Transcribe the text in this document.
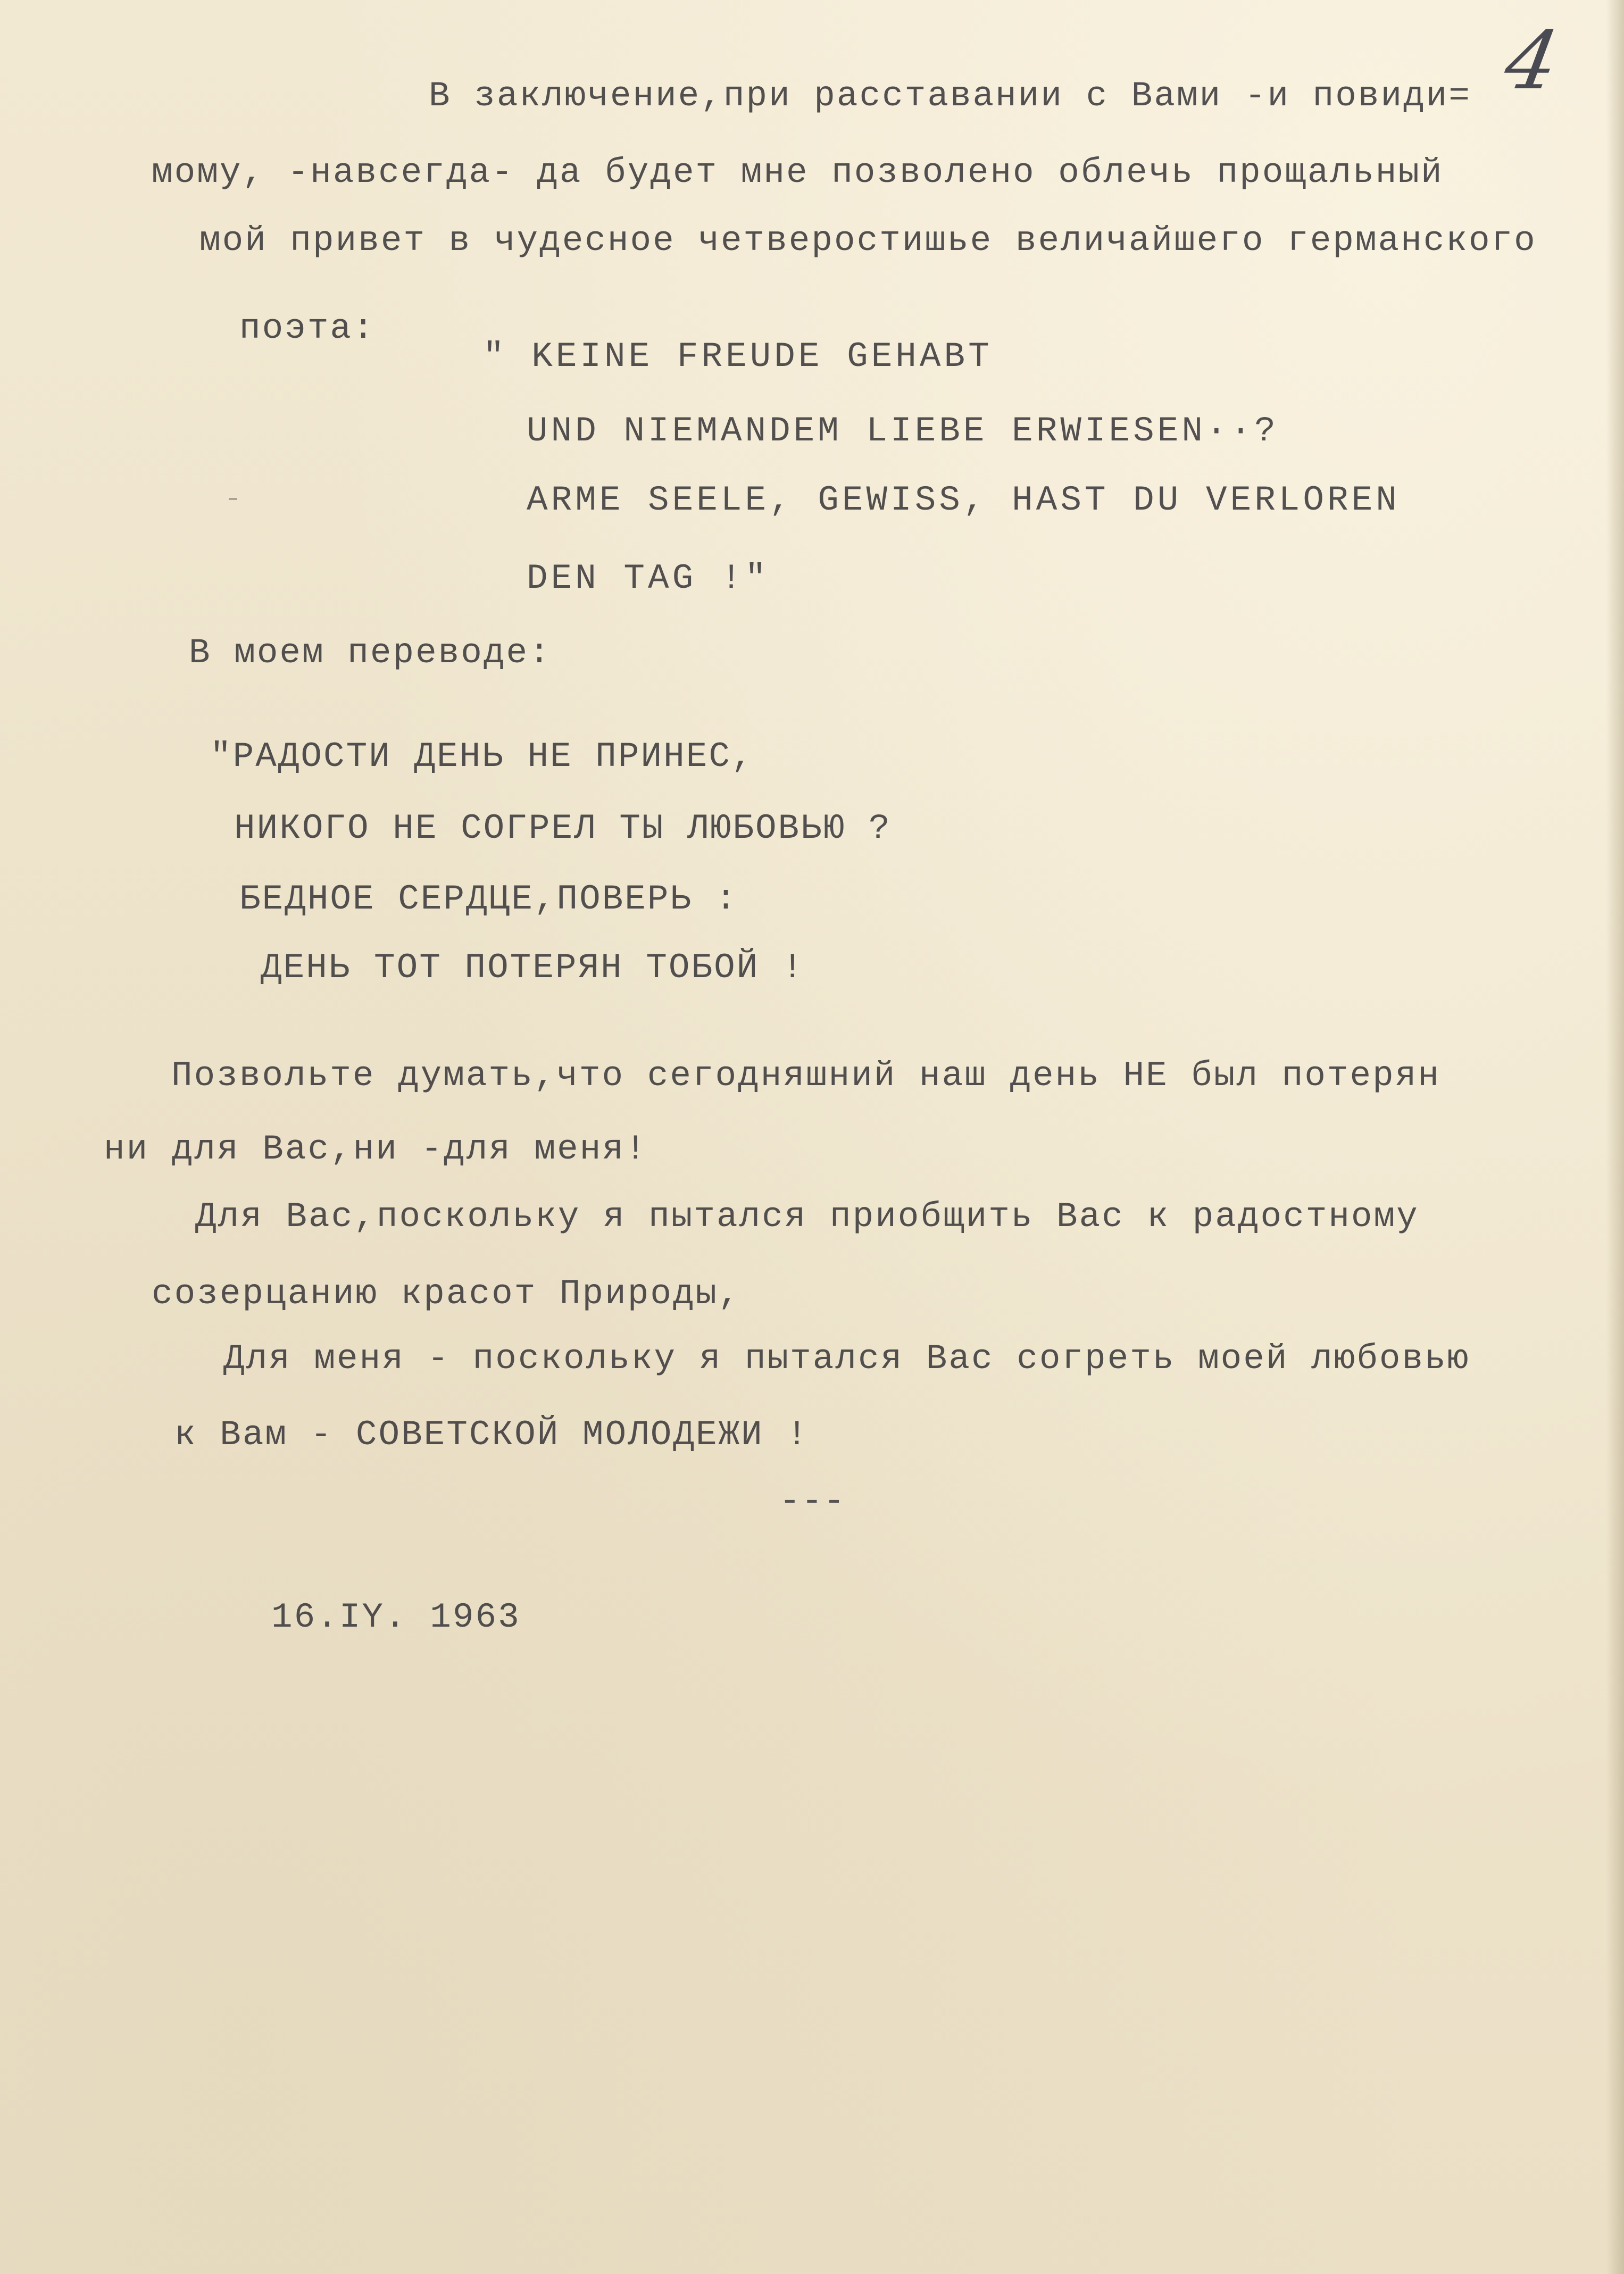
4
В заключение,при расставании с Вами -и повиди=
мому, -навсегда- да будет мне позволено облечь прощальный
мой привет в чудесное четверостишье величайшего германского
поэта:
" KEINE FREUDE GEHABT
UND NIEMANDEM LIEBE ERWIESEN··?
ARME SEELE, GEWISS, HAST DU VERLOREN
DEN TAG !"
В моем переводе:
"РАДОСТИ ДЕНЬ НЕ ПРИНЕС,
НИКОГО НЕ СОГРЕЛ ТЫ ЛЮБОВЬЮ ?
БЕДНОЕ СЕРДЦЕ,ПОВЕРЬ :
ДЕНЬ ТОТ ПОТЕРЯН ТОБОЙ !
Позвольте думать,что сегодняшний наш день НЕ был потерян
ни для Вас,ни -для меня!
Для Вас,поскольку я пытался приобщить Вас к радостному
созерцанию красот Природы,
Для меня - поскольку я пытался Вас согреть моей любовью
к Вам - СОВЕТСКОЙ МОЛОДЕЖИ !
---
16.IY. 1963
